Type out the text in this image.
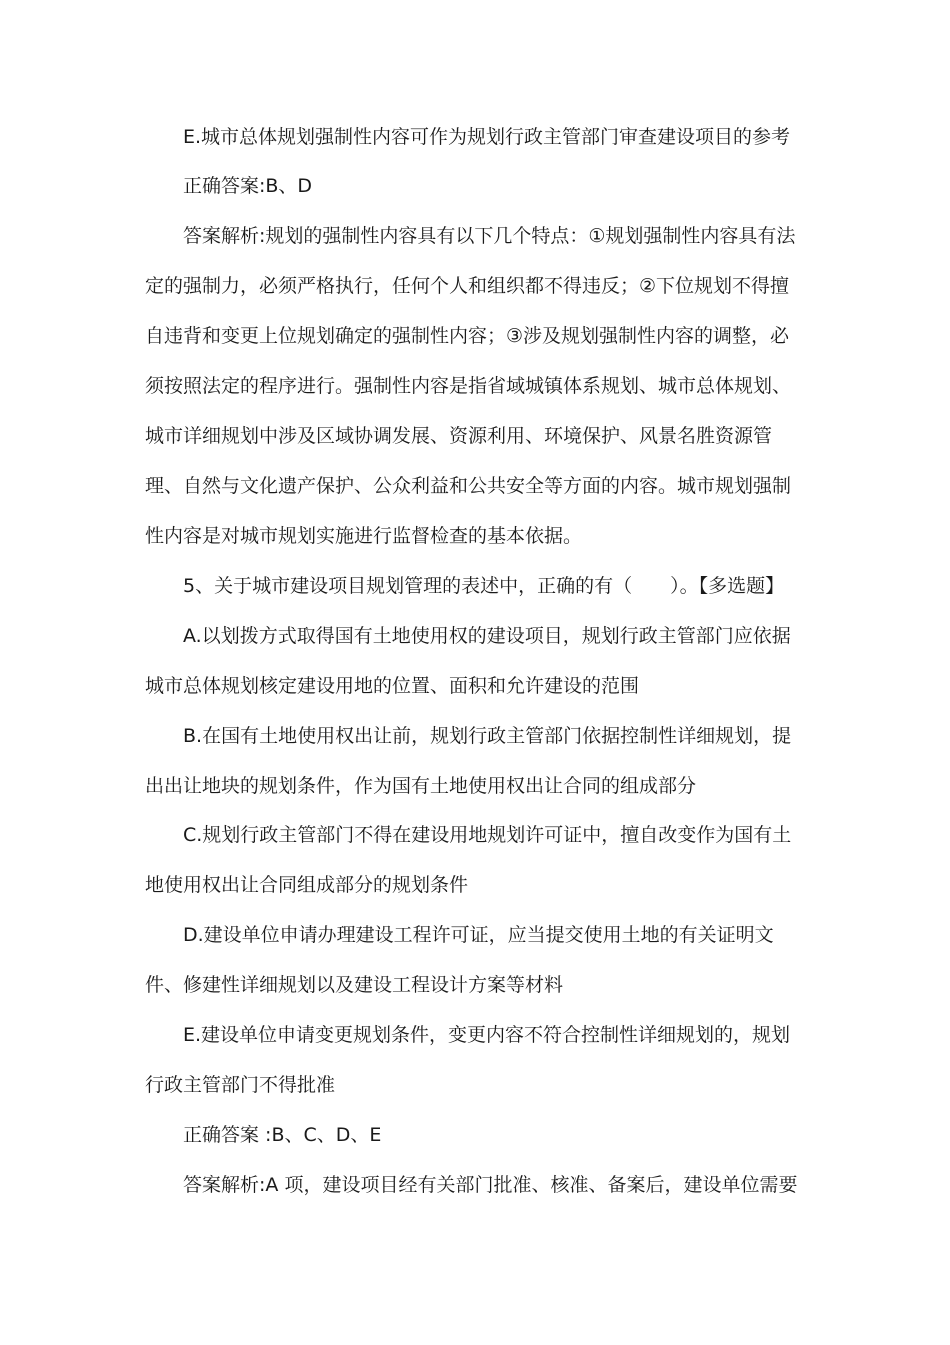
E.城市总体规划强制性内容可作为规划行政主管部门审查建设项目的参考
正确答案:B、D
答案解析:规划的强制性内容具有以下几个特点：①规划强制性内容具有法
定的强制力，必须严格执行，任何个人和组织都不得违反；②下位规划不得擅
自违背和变更上位规划确定的强制性内容；③涉及规划强制性内容的调整，必
须按照法定的程序进行。强制性内容是指省域城镇体系规划、城市总体规划、
城市详细规划中涉及区域协调发展、资源利用、环境保护、风景名胜资源管
理、自然与文化遗产保护、公众利益和公共安全等方面的内容。城市规划强制
性内容是对城市规划实施进行监督检查的基本依据。
5、关于城市建设项目规划管理的表述中，正确的有（　　）。【多选题】
A.以划拨方式取得国有土地使用权的建设项目，规划行政主管部门应依据
城市总体规划核定建设用地的位置、面积和允许建设的范围
B.在国有土地使用权出让前，规划行政主管部门依据控制性详细规划，提
出出让地块的规划条件，作为国有土地使用权出让合同的组成部分
C.规划行政主管部门不得在建设用地规划许可证中，擅自改变作为国有土
地使用权出让合同组成部分的规划条件
D.建设单位申请办理建设工程许可证，应当提交使用土地的有关证明文
件、修建性详细规划以及建设工程设计方案等材料
E.建设单位申请变更规划条件，变更内容不符合控制性详细规划的，规划
行政主管部门不得批准
正确答案 :B、C、D、E
答案解析:A 项，建设项目经有关部门批准、核准、备案后，建设单位需要
